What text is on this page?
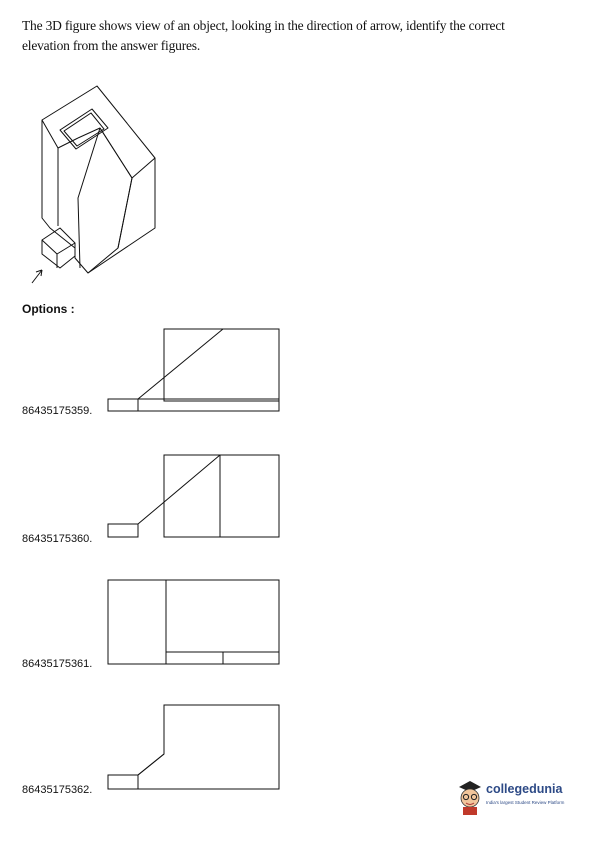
The 3D figure shows view of an object, looking in the direction of arrow, identify the correct
elevation from the answer figures.
Options :
86435175359.
86435175360.
86435175361.
86435175362.	collegedunia
India's largest Student Review Platform
